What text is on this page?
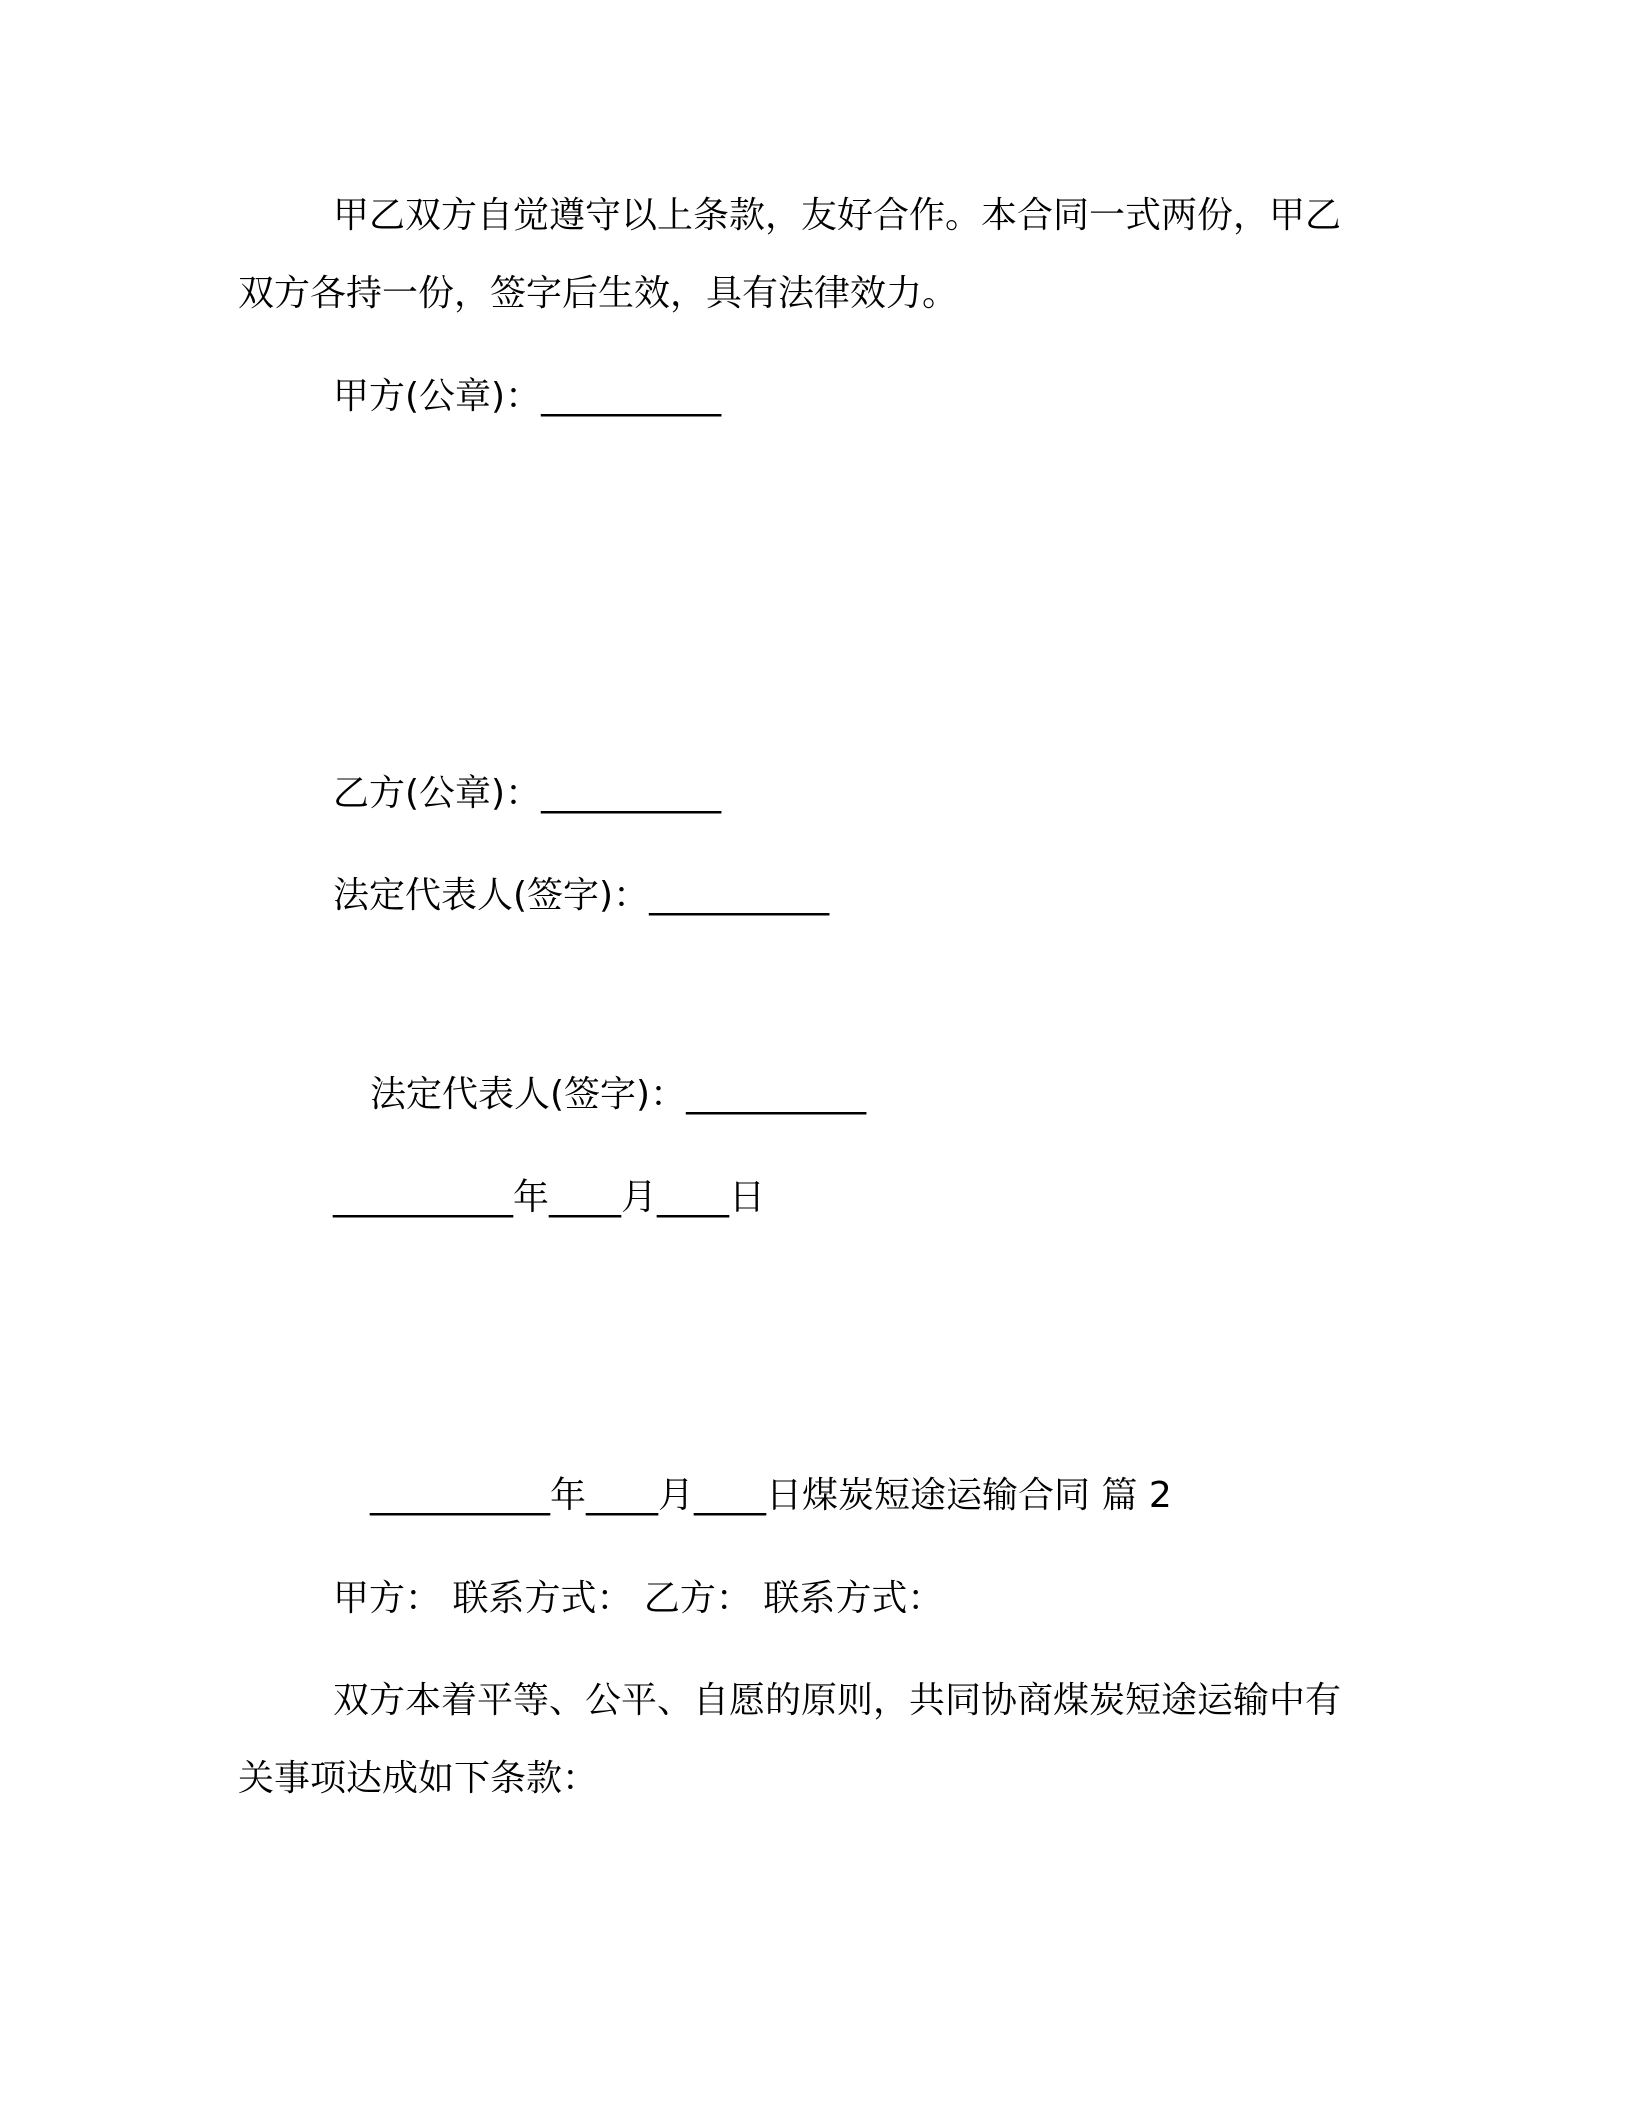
甲乙双方自觉遵守以上条款，友好合作。本合同一式两份，甲乙
双方各持一份，签字后生效，具有法律效力。
甲方(公章)：__________
乙方(公章)：__________
法定代表人(签字)：__________
法定代表人(签字)：__________
__________年____月____日
__________年____月____日煤炭短途运输合同 篇 2
甲方： 联系方式： 乙方： 联系方式：
双方本着平等、公平、自愿的原则，共同协商煤炭短途运输中有
关事项达成如下条款：
